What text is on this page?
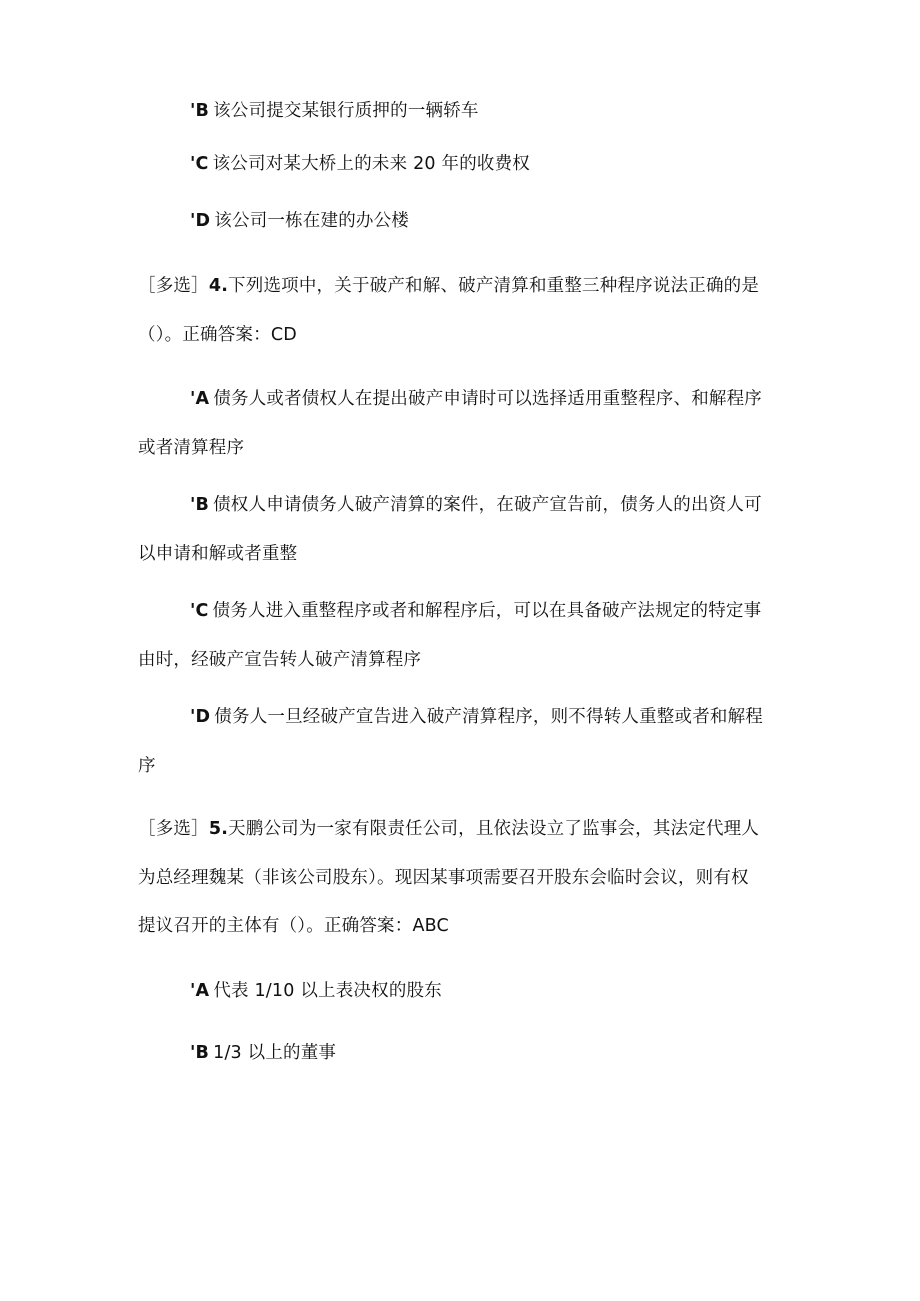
'B 该公司提交某银行质押的一辆轿车
'C 该公司对某大桥上的未来 20 年的收费权
'D 该公司一栋在建的办公楼
［多选］4.下列选项中，关于破产和解、破产清算和重整三种程序说法正确的是
（）。正确答案：CD
'A 债务人或者债权人在提出破产申请时可以选择适用重整程序、和解程序
或者清算程序
'B 债权人申请债务人破产清算的案件，在破产宣告前，债务人的出资人可
以申请和解或者重整
'C 债务人进入重整程序或者和解程序后，可以在具备破产法规定的特定事
由时，经破产宣告转人破产清算程序
'D 债务人一旦经破产宣告进入破产清算程序，则不得转人重整或者和解程
序
［多选］5.天鹏公司为一家有限责任公司，且依法设立了监事会，其法定代理人
为总经理魏某（非该公司股东）。现因某事项需要召开股东会临时会议，则有权
提议召开的主体有（）。正确答案：ABC
'A 代表 1/10 以上表决权的股东
'B 1/3 以上的董事
